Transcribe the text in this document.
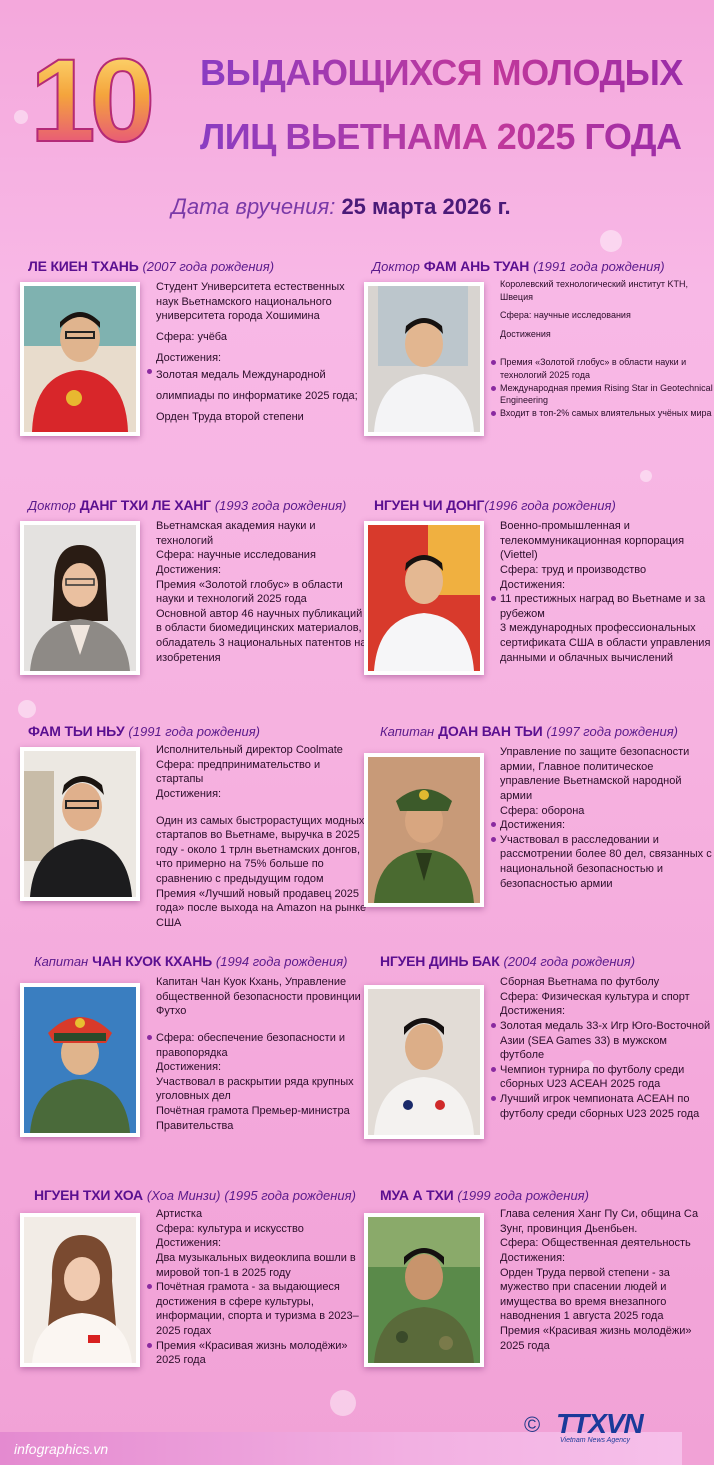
10 ВЫДАЮЩИХСЯ МОЛОДЫХ
ЛИЦ ВЬЕТНАМА 2025 ГОДА
Дата вручения: 25 марта 2026 г.
ЛЕ КИЕН ТХАНЬ (2007 года рождения)

Студент Университета естественных наук Вьетнамского национального университета города Хошимина

Сфера: учёба

Достижения:

Золотая медаль Международной олимпиады по информатике 2025 года; Орден Труда второй степени

Доктор ФАМ АНЬ ТУАН (1991 года рождения)

Королевский технологический институт KTH, Швеция

Сфера: научные исследования

Достижения

Премия «Золотой глобус» в области науки и технологий 2025 года

Международная премия Rising Star in Geotechnical Engineering

Входит в топ-2% самых влиятельных учёных мира

Доктор ДАНГ ТХИ ЛЕ ХАНГ (1993 года рождения)

Вьетнамская академия науки и технологий

Сфера: научные исследования

Достижения:

Премия «Золотой глобус» в области науки и технологий 2025 года

Основной автор 46 научных публикаций в области биомедицинских материалов, обладатель 3 национальных патентов на изобретения

НГУЕН ЧИ ДОНГ(1996 года рождения)

Военно-промышленная и телекоммуникационная корпорация (Viettel)

Сфера: труд и производство

Достижения:

11 престижных наград во Вьетнаме и за рубежом

3 международных профессиональных сертификата США в области управления данными и облачных вычислений

ФАМ ТЬИ НЬУ (1991 года рождения)

Исполнительный директор Coolmate

Сфера: предпринимательство и стартапы

Достижения:

Один из самых быстрорастущих модных стартапов во Вьетнаме, выручка в 2025 году - около 1 трлн вьетнамских донгов, что примерно на 75% больше по сравнению с предыдущим годом

Премия «Лучший новый продавец 2025 года» после выхода на Amazon на рынке США

Капитан ДОАН ВАН ТЬИ (1997 года рождения)

Управление по защите безопасности армии, Главное политическое управление Вьетнамской народной армии

Сфера: оборона

Достижения:

Участвовал в расследовании и рассмотрении более 80 дел, связанных с национальной безопасностью и безопасностью армии

Капитан ЧАН КУОК КХАНЬ (1994 года рождения)

Капитан Чан Куок Кхань, Управление общественной безопасности провинции Футхо

Сфера: обеспечение безопасности и правопорядка

Достижения:

Участвовал в раскрытии ряда крупных уголовных дел

Почётная грамота Премьер-министра Правительства

НГУЕН ДИНЬ БАК (2004 года рождения)

Сборная Вьетнама по футболу

Сфера: Физическая культура и спорт

Достижения:

Золотая медаль 33-х Игр Юго-Восточной Азии (SEA Games 33) в мужском футболе

Чемпион турнира по футболу среди сборных U23 АСЕАН 2025 года

Лучший игрок чемпионата АСЕАН по футболу среди сборных U23 2025 года

НГУЕН ТХИ ХОА (Хоа Минзи) (1995 года рождения)

Артистка

Сфера: культура и искусство

Достижения:

Два музыкальных видеоклипа вошли в мировой топ-1 в 2025 году

Почётная грамота - за выдающиеся достижения в сфере культуры, информации, спорта и туризма в 2023–2025 годах

Премия «Красивая жизнь молодёжи» 2025 года

МУА А ТХИ (1999 года рождения)

Глава селения Ханг Пу Си, община Са Зунг, провинция Дьенбьен.

Сфера: Общественная деятельность

Достижения:

Орден Труда первой степени - за мужество при спасении людей и имущества во время внезапного наводнения 1 августа 2025 года

Премия «Красивая жизнь молодёжи» 2025 года

infographics.vn
© TTXVN
Vietnam News Agency
